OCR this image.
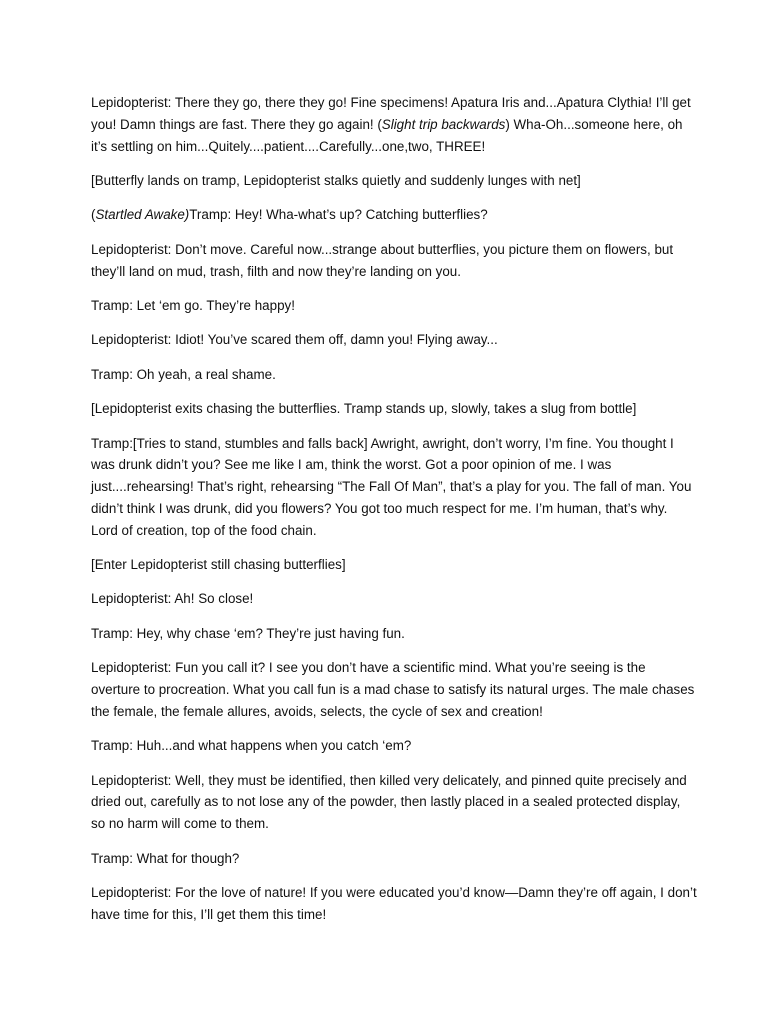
Lepidopterist: There they go, there they go! Fine specimens! Apatura Iris and...Apatura Clythia! I’ll get you! Damn things are fast. There they go again! (Slight trip backwards) Wha-Oh...someone here, oh it’s settling on him...Quitely....patient....Carefully...one,two, THREE!

[Butterfly lands on tramp, Lepidopterist stalks quietly and suddenly lunges with net]

(Startled Awake)Tramp: Hey! Wha-what’s up? Catching butterflies?

Lepidopterist: Don’t move. Careful now...strange about butterflies, you picture them on flowers, but they’ll land on mud, trash, filth and now they’re landing on you.

Tramp: Let ‘em go. They’re happy!

Lepidopterist: Idiot! You’ve scared them off, damn you! Flying away...

Tramp: Oh yeah, a real shame.

[Lepidopterist exits chasing the butterflies. Tramp stands up, slowly, takes a slug from bottle]

Tramp:[Tries to stand, stumbles and falls back] Awright, awright, don’t worry, I’m fine. You thought I was drunk didn’t you? See me like I am, think the worst. Got a poor opinion of me. I was just....rehearsing! That’s right, rehearsing “The Fall Of Man”, that’s a play for you. The fall of man. You didn’t think I was drunk, did you flowers? You got too much respect for me. I’m human, that’s why. Lord of creation, top of the food chain.

[Enter Lepidopterist still chasing butterflies]

Lepidopterist: Ah! So close!

Tramp: Hey, why chase ‘em? They’re just having fun.

Lepidopterist: Fun you call it? I see you don’t have a scientific mind. What you’re seeing is the overture to procreation. What you call fun is a mad chase to satisfy its natural urges. The male chases the female, the female allures, avoids, selects, the cycle of sex and creation!

Tramp: Huh...and what happens when you catch ‘em?

Lepidopterist: Well, they must be identified, then killed very delicately, and pinned quite precisely and dried out, carefully as to not lose any of the powder, then lastly placed in a sealed protected display, so no harm will come to them.

Tramp: What for though?

Lepidopterist: For the love of nature! If you were educated you’d know—Damn they’re off again, I don’t have time for this, I’ll get them this time!
